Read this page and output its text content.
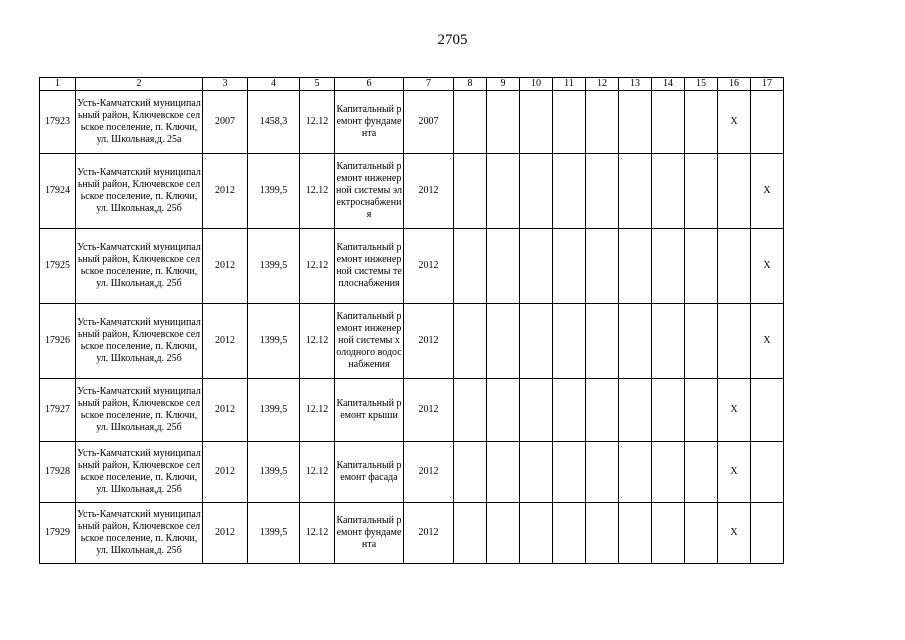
2705
1	2	3	4	5	6	7	8	9	10	11	12	13	14	15	16	17
17923	Усть-Камчатский муниципальный район, Ключевское сельское поселение, п. Ключи, ул. Школьная,д. 25а	2007	1458,3	12.12	Капитальный ремонт фундамента	2007									X	
17924	Усть-Камчатский муниципальный район, Ключевское сельское поселение, п. Ключи, ул. Школьная,д. 25б	2012	1399,5	12.12	Капитальный ремонт инженерной системы электроснабжения	2012										X
17925	Усть-Камчатский муниципальный район, Ключевское сельское поселение, п. Ключи, ул. Школьная,д. 25б	2012	1399,5	12.12	Капитальный ремонт инженерной системы теплоснабжения	2012										X
17926	Усть-Камчатский муниципальный район, Ключевское сельское поселение, п. Ключи, ул. Школьная,д. 25б	2012	1399,5	12.12	Капитальный ремонт инженерной системы холодного водоснабжения	2012										X
17927	Усть-Камчатский муниципальный район, Ключевское сельское поселение, п. Ключи, ул. Школьная,д. 25б	2012	1399,5	12.12	Капитальный ремонт крыши	2012									X	
17928	Усть-Камчатский муниципальный район, Ключевское сельское поселение, п. Ключи, ул. Школьная,д. 25б	2012	1399,5	12.12	Капитальный ремонт фасада	2012									X	
17929	Усть-Камчатский муниципальный район, Ключевское сельское поселение, п. Ключи, ул. Школьная,д. 25б	2012	1399,5	12.12	Капитальный ремонт фундамента	2012									X	
